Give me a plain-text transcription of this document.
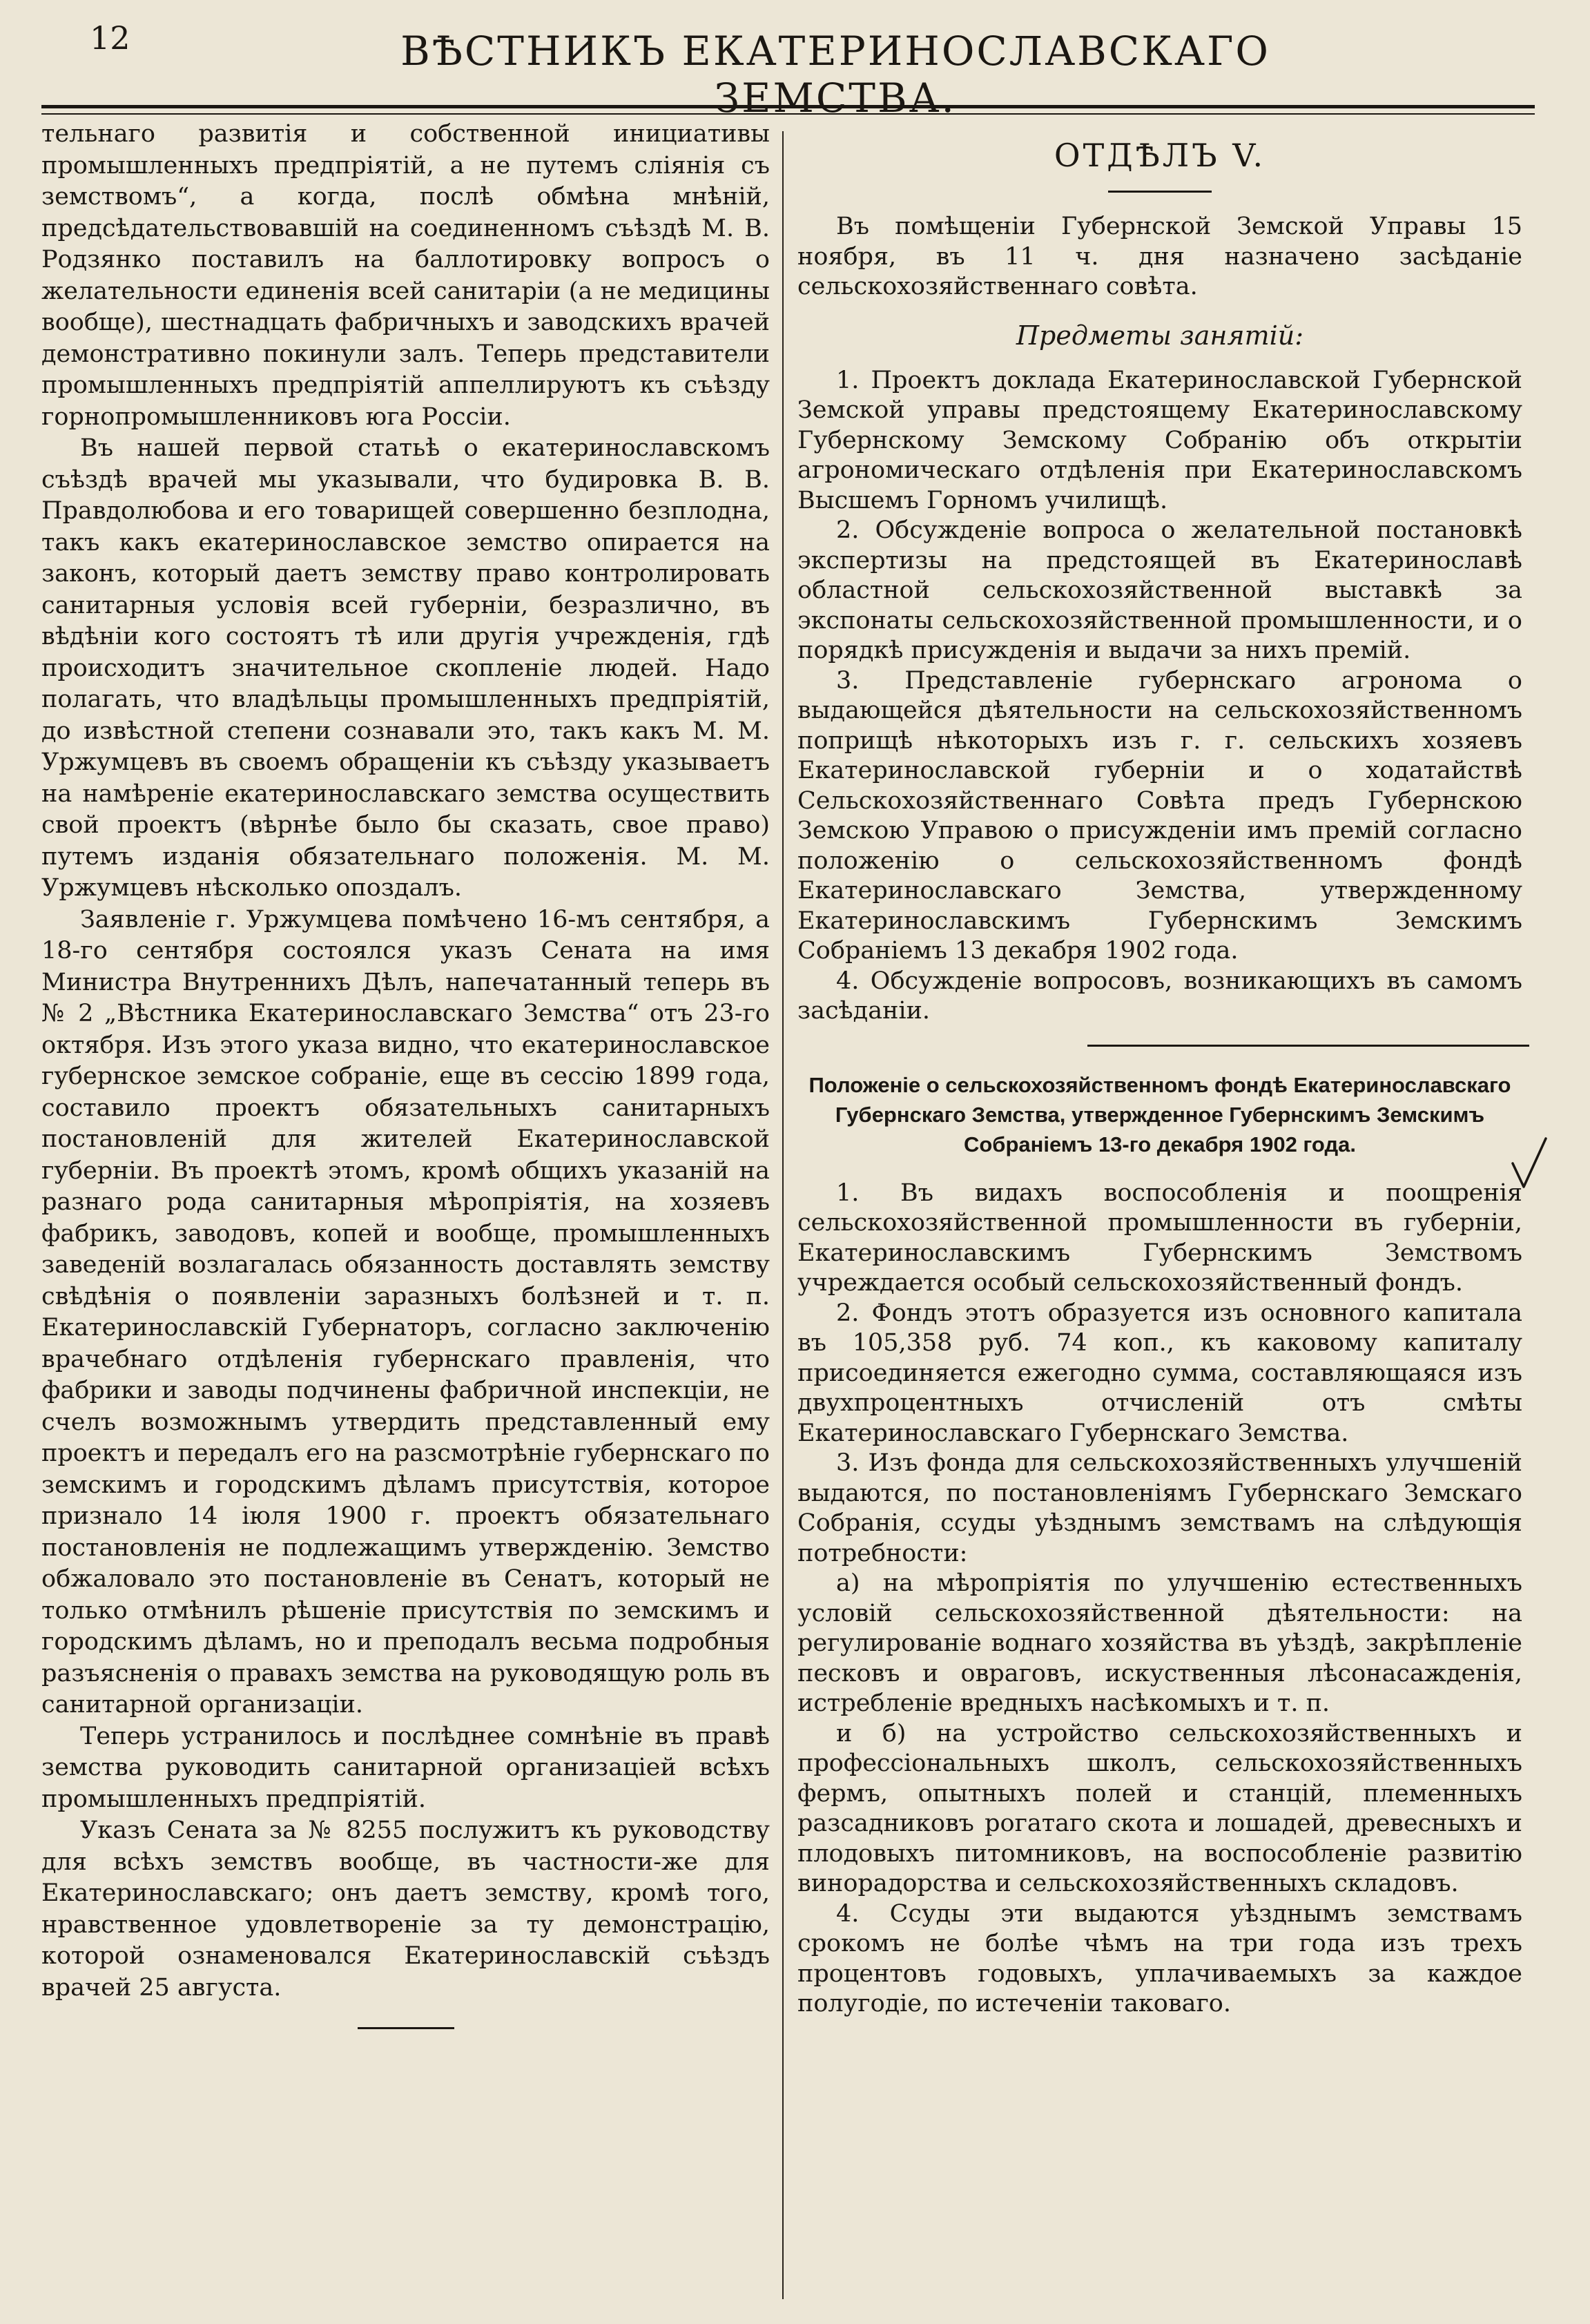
12	ВѢСТНИКЪ ЕКАТЕРИНОСЛАВСКАГО ЗЕМСТВА.

тельнаго развитія и собственной инициативы промышленныхъ предпріятій, а не путемъ сліянія съ земствомъ“, а когда, послѣ обмѣна мнѣній, предсѣдательствовавшій на соединенномъ съѣздѣ М. В. Родзянко поставилъ на баллотировку вопросъ о желательности единенія всей санитаріи (а не медицины вообще), шестнадцать фабричныхъ и заводскихъ врачей демонстративно покинули залъ. Теперь представители промышленныхъ предпріятій аппеллируютъ къ съѣзду горнопромышленниковъ юга Россіи.

Въ нашей первой статьѣ о екатеринославскомъ съѣздѣ врачей мы указывали, что будировка В. В. Правдолюбова и его товарищей совершенно безплодна, такъ какъ екатеринославское земство опирается на законъ, который даетъ земству право контролировать санитарныя условія всей губерніи, безразлично, въ вѣдѣніи кого состоятъ тѣ или другія учрежденія, гдѣ происходитъ значительное скопленіе людей. Надо полагать, что владѣльцы промышленныхъ предпріятій, до извѣстной степени сознавали это, такъ какъ М. М. Уржумцевъ въ своемъ обращеніи къ съѣзду указываетъ на намѣреніе екатеринославскаго земства осуществить свой проектъ (вѣрнѣе было бы сказать, свое право) путемъ изданія обязательнаго положенія. М. М. Уржумцевъ нѣсколько опоздалъ.

Заявленіе г. Уржумцева помѣчено 16-мъ сентября, а 18-го сентября состоялся указъ Сената на имя Министра Внутреннихъ Дѣлъ, напечатанный теперь въ № 2 „Вѣстника Екатеринославскаго Земства“ отъ 23-го октября. Изъ этого указа видно, что екатеринославское губернское земское собраніе, еще въ сессію 1899 года, составило проектъ обязательныхъ санитарныхъ постановленій для жителей Екатеринославской губерніи. Въ проектѣ этомъ, кромѣ общихъ указаній на разнаго рода санитарныя мѣропріятія, на хозяевъ фабрикъ, заводовъ, копей и вообще, промышленныхъ заведеній возлагалась обязанность доставлять земству свѣдѣнія о появленіи заразныхъ болѣзней и т. п. Екатеринославскій Губернаторъ, согласно заключенію врачебнаго отдѣленія губернскаго правленія, что фабрики и заводы подчинены фабричной инспекціи, не счелъ возможнымъ утвердить представленный ему проектъ и передалъ его на разсмотрѣніе губернскаго по земскимъ и городскимъ дѣламъ присутствія, которое признало 14 іюля 1900 г. проектъ обязательнаго постановленія не подлежащимъ утвержденію. Земство обжаловало это постановленіе въ Сенатъ, который не только отмѣнилъ рѣшеніе присутствія по земскимъ и городскимъ дѣламъ, но и преподалъ весьма подробныя разъясненія о правахъ земства на руководящую роль въ санитарной организаціи.

Теперь устранилось и послѣднее сомнѣніе въ правѣ земства руководить санитарной организаціей всѣхъ промышленныхъ предпріятій.

Указъ Сената за № 8255 послужитъ къ руководству для всѣхъ земствъ вообще, въ частности-же для Екатеринославскаго; онъ даетъ земству, кромѣ того, нравственное удовлетвореніе за ту демонстрацію, которой ознаменовался Екатеринославскій съѣздъ врачей 25 августа.

ОТДѢЛЪ V.

Въ помѣщеніи Губернской Земской Управы 15 ноября, въ 11 ч. дня назначено засѣданіе сельскохозяйственнаго совѣта.

Предметы занятій:

1. Проектъ доклада Екатеринославской Губернской Земской управы предстоящему Екатеринославскому Губернскому Земскому Собранію объ открытіи агрономическаго отдѣленія при Екатеринославскомъ Высшемъ Горномъ училищѣ.

2. Обсужденіе вопроса о желательной постановкѣ экспертизы на предстоящей въ Екатеринославѣ областной сельскохозяйственной выставкѣ за экспонаты сельскохозяйственной промышленности, и о порядкѣ присужденія и выдачи за нихъ премій.

3. Представленіе губернскаго агронома о выдающейся дѣятельности на сельскохозяйственномъ поприщѣ нѣкоторыхъ изъ г. г. сельскихъ хозяевъ Екатеринославской губерніи и о ходатайствѣ Сельскохозяйственнаго Совѣта предъ Губернскою Земскою Управою о присужденіи имъ премій согласно положенію о сельскохозяйственномъ фондѣ Екатеринославскаго Земства, утвержденному Екатеринославскимъ Губернскимъ Земскимъ Собраніемъ 13 декабря 1902 года.

4. Обсужденіе вопросовъ, возникающихъ въ самомъ засѣданіи.

Положеніе о сельскохозяйственномъ фондѣ Екатеринославскаго Губернскаго Земства, утвержденное Губернскимъ Земскимъ Собраніемъ 13-го декабря 1902 года.

1. Въ видахъ воспособленія и поощренія сельскохозяйственной промышленности въ губерніи, Екатеринославскимъ Губернскимъ Земствомъ учреждается особый сельскохозяйственный фондъ.

2. Фондъ этотъ образуется изъ основного капитала въ 105,358 руб. 74 коп., къ каковому капиталу присоединяется ежегодно сумма, составляющаяся изъ двухпроцентныхъ отчисленій отъ смѣты Екатеринославскаго Губернскаго Земства.

3. Изъ фонда для сельскохозяйственныхъ улучшеній выдаются, по постановленіямъ Губернскаго Земскаго Собранія, ссуды уѣзднымъ земствамъ на слѣдующія потребности:

а) на мѣропріятія по улучшенію естественныхъ условій сельскохозяйственной дѣятельности: на регулированіе воднаго хозяйства въ уѣздѣ, закрѣпленіе песковъ и овраговъ, искуственныя лѣсонасажденія, истребленіе вредныхъ насѣкомыхъ и т. п.

и б) на устройство сельскохозяйственныхъ и профессіональныхъ школъ, сельскохозяйственныхъ фермъ, опытныхъ полей и станцій, племенныхъ разсадниковъ рогатаго скота и лошадей, древесныхъ и плодовыхъ питомниковъ, на воспособленіе развитію винорадорства и сельскохозяйственныхъ складовъ.

4. Ссуды эти выдаются уѣзднымъ земствамъ срокомъ не болѣе чѣмъ на три года изъ трехъ процентовъ годовыхъ, уплачиваемыхъ за каждое полугодіе, по истеченіи таковаго.
